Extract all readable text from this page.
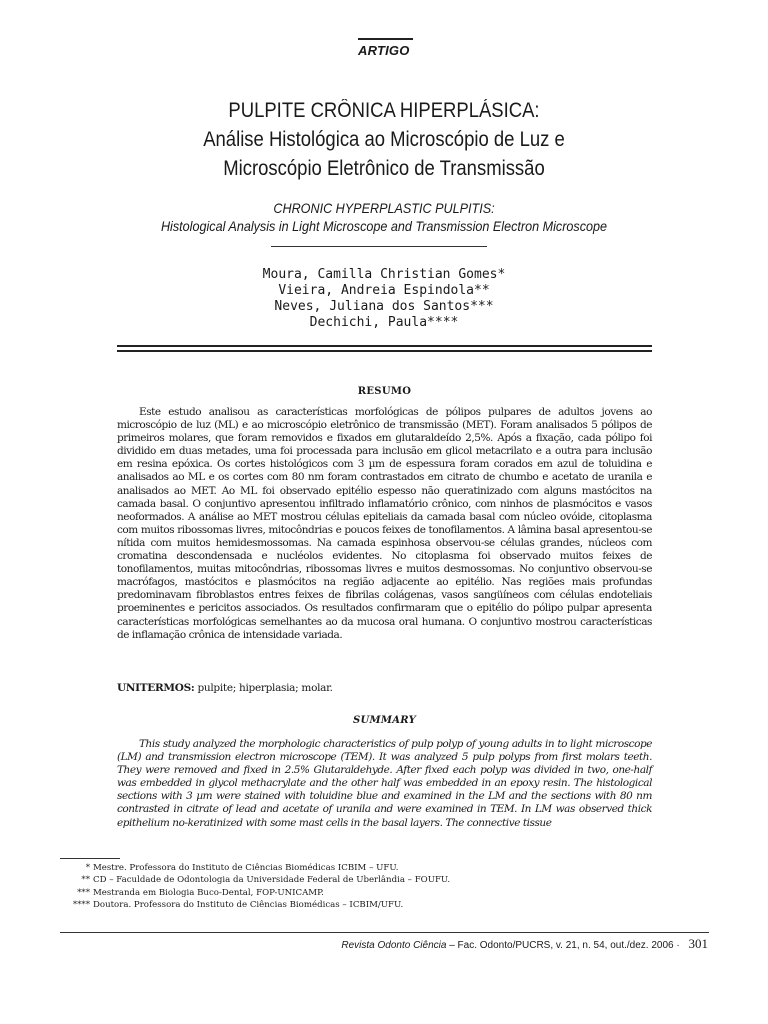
ARTIGO
PULPITE CRÔNICA HIPERPLÁSICA:
Análise Histológica ao Microscópio de Luz e
Microscópio Eletrônico de Transmissão
CHRONIC HYPERPLASTIC PULPITIS:
Histological Analysis in Light Microscope and Transmission Electron Microscope
Moura, Camilla Christian Gomes*
Vieira, Andreia Espindola**
Neves, Juliana dos Santos***
Dechichi, Paula****
RESUMO

Este estudo analisou as características morfológicas de pólipos pulpares de adultos jovens ao microscópio de luz (ML) e ao microscópio eletrônico de transmissão (MET). Foram analisados 5 pólipos de primeiros molares, que foram removidos e fixados em glutaraldeído 2,5%. Após a fixação, cada pólipo foi dividido em duas metades, uma foi processada para inclusão em glicol metacrilato e a outra para inclusão em resina epóxica. Os cortes histológicos com 3 µm de espessura foram corados em azul de toluidina e analisados ao ML e os cortes com 80 nm foram contrastados em citrato de chumbo e acetato de uranila e analisados ao MET. Ao ML foi observado epitélio espesso não queratinizado com alguns mastócitos na camada basal. O conjuntivo apresentou infiltrado inflamatório crônico, com ninhos de plasmócitos e vasos neoformados. A análise ao MET mostrou células epiteliais da camada basal com núcleo ovóide, citoplasma com muitos ribossomas livres, mitocôndrias e poucos feixes de tonofilamentos. A lâmina basal apresentou-se nítida com muitos hemidesmossomas. Na camada espinhosa observou-se células grandes, núcleos com cromatina descondensada e nucléolos evidentes. No citoplasma foi observado muitos feixes de tonofilamentos, muitas mitocôndrias, ribossomas livres e muitos desmossomas. No conjuntivo observou-se macrófagos, mastócitos e plasmócitos na região adjacente ao epitélio. Nas regiões mais profundas predominavam fibroblastos entres feixes de fibrilas colágenas, vasos sangüíneos com células endoteliais proeminentes e pericitos associados. Os resultados confirmaram que o epitélio do pólipo pulpar apresenta características morfológicas semelhantes ao da mucosa oral humana. O conjuntivo mostrou características de inflamação crônica de intensidade variada.

UNITERMOS: pulpite; hiperplasia; molar.
SUMMARY

This study analyzed the morphologic characteristics of pulp polyp of young adults in to light microscope (LM) and transmission electron microscope (TEM). It was analyzed 5 pulp polyps from first molars teeth. They were removed and fixed in 2.5% Glutaraldehyde. After fixed each polyp was divided in two, one-half was embedded in glycol methacrylate and the other half was embedded in an epoxy resin. The histological sections with 3 µm were stained with toluidine blue and examined in the LM and the sections with 80 nm contrasted in citrate of lead and acetate of uranila and were examined in TEM. In LM was observed thick epithelium no-keratinized with some mast cells in the basal layers. The connective tissue

* Mestre. Professora do Instituto de Ciências Biomédicas ICBIM – UFU.
** CD – Faculdade de Odontologia da Universidade Federal de Uberlândia – FOUFU.
*** Mestranda em Biologia Buco-Dental, FOP-UNICAMP.
**** Doutora. Professora do Instituto de Ciências Biomédicas – ICBIM/UFU.
Revista Odonto Ciência – Fac. Odonto/PUCRS, v. 21, n. 54, out./dez. 2006 · 301
